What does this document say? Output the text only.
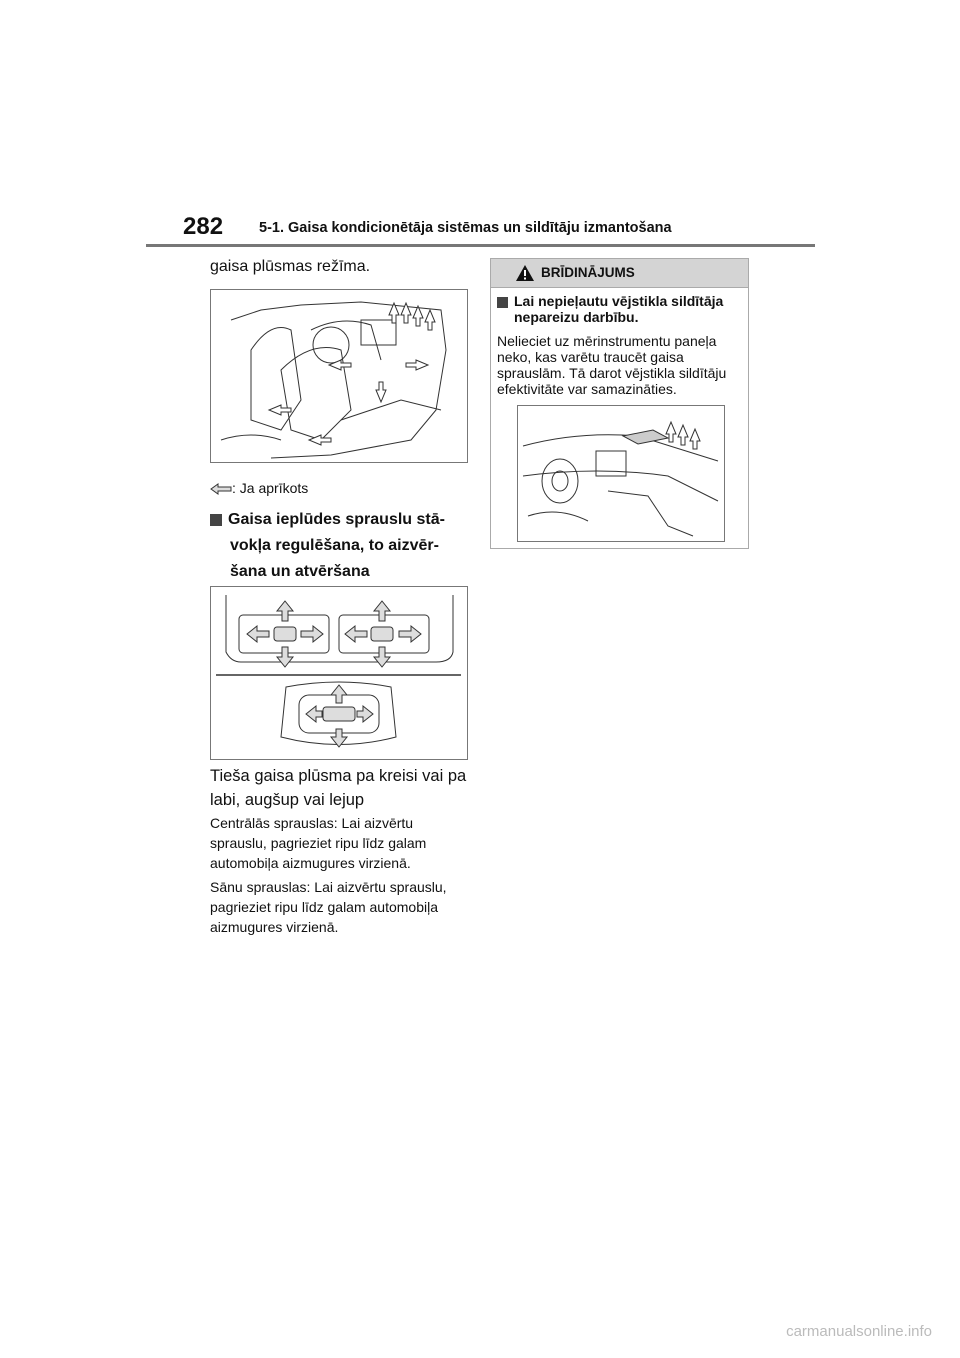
282 5-1. Gaisa kondicionētāja sistēmas un sildītāju izmantošana
gaisa plūsmas režīma.
: Ja aprīkots
Gaisa ieplūdes sprauslu stā-
vokļa regulēšana, to aizvēr-
šana un atvēršana
Tieša gaisa plūsma pa kreisi vai pa
labi, augšup vai lejup
Centrālās sprauslas: Lai aizvērtu
sprauslu, pagrieziet ripu līdz galam
automobiļa aizmugures virzienā.
Sānu sprauslas: Lai aizvērtu sprauslu,
pagrieziet ripu līdz galam automobiļa
aizmugures virzienā.
BRĪDINĀJUMS
Lai nepieļautu vējstikla sildītāja
nepareizu darbību.
Nelieciet uz mērinstrumentu paneļa
neko, kas varētu traucēt gaisa
sprauslām. Tā darot vējstikla sildītāju
efektivitāte var samazināties.
carmanualsonline.info
